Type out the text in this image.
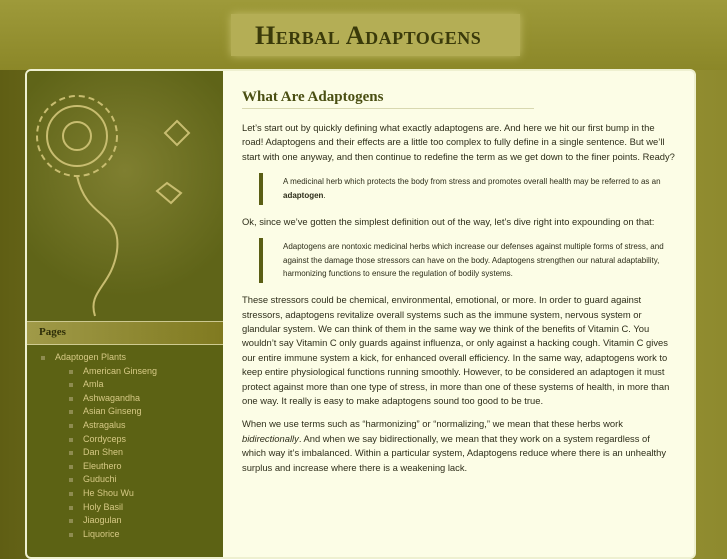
Herbal Adaptogens
Pages
Adaptogen Plants
American Ginseng
Amla
Ashwagandha
Asian Ginseng
Astragalus
Cordyceps
Dan Shen
Eleuthero
Guduchi
He Shou Wu
Holy Basil
Jiaogulan
Liquorice
What Are Adaptogens

Let’s start out by quickly defining what exactly adaptogens are. And here we hit our first bump in the road! Adaptogens and their effects are a little too complex to fully define in a single sentence. But we’ll start with one anyway, and then continue to redefine the term as we get down to the finer points. Ready?

A medicinal herb which protects the body from stress and promotes overall health may be referred to as an adaptogen.

Ok, since we’ve gotten the simplest definition out of the way, let’s dive right into expounding on that:

Adaptogens are nontoxic medicinal herbs which increase our defenses against multiple forms of stress, and against the damage those stressors can have on the body. Adaptogens strengthen our natural adaptability, harmonizing functions to ensure the regulation of bodily systems.

These stressors could be chemical, environmental, emotional, or more. In order to guard against stressors, adaptogens revitalize overall systems such as the immune system, nervous system or glandular system. We can think of them in the same way we think of the benefits of Vitamin C. You wouldn’t say Vitamin C only guards against influenza, or only against a hacking cough. Vitamin C gives our entire immune system a kick, for enhanced overall efficiency. In the same way, adaptogens work to keep entire physiological functions running smoothly. However, to be considered an adaptogen it must protect against more than one type of stress, in more than one of these systems of health, in more than one way. It really is easy to make adaptogens sound too good to be true.

When we use terms such as “harmonizing” or “normalizing,” we mean that these herbs work bidirectionally. And when we say bidirectionally, we mean that they work on a system regardless of which way it’s imbalanced. Within a particular system, Adaptogens reduce where there is an unhealthy surplus and increase where there is a weakening lack.
